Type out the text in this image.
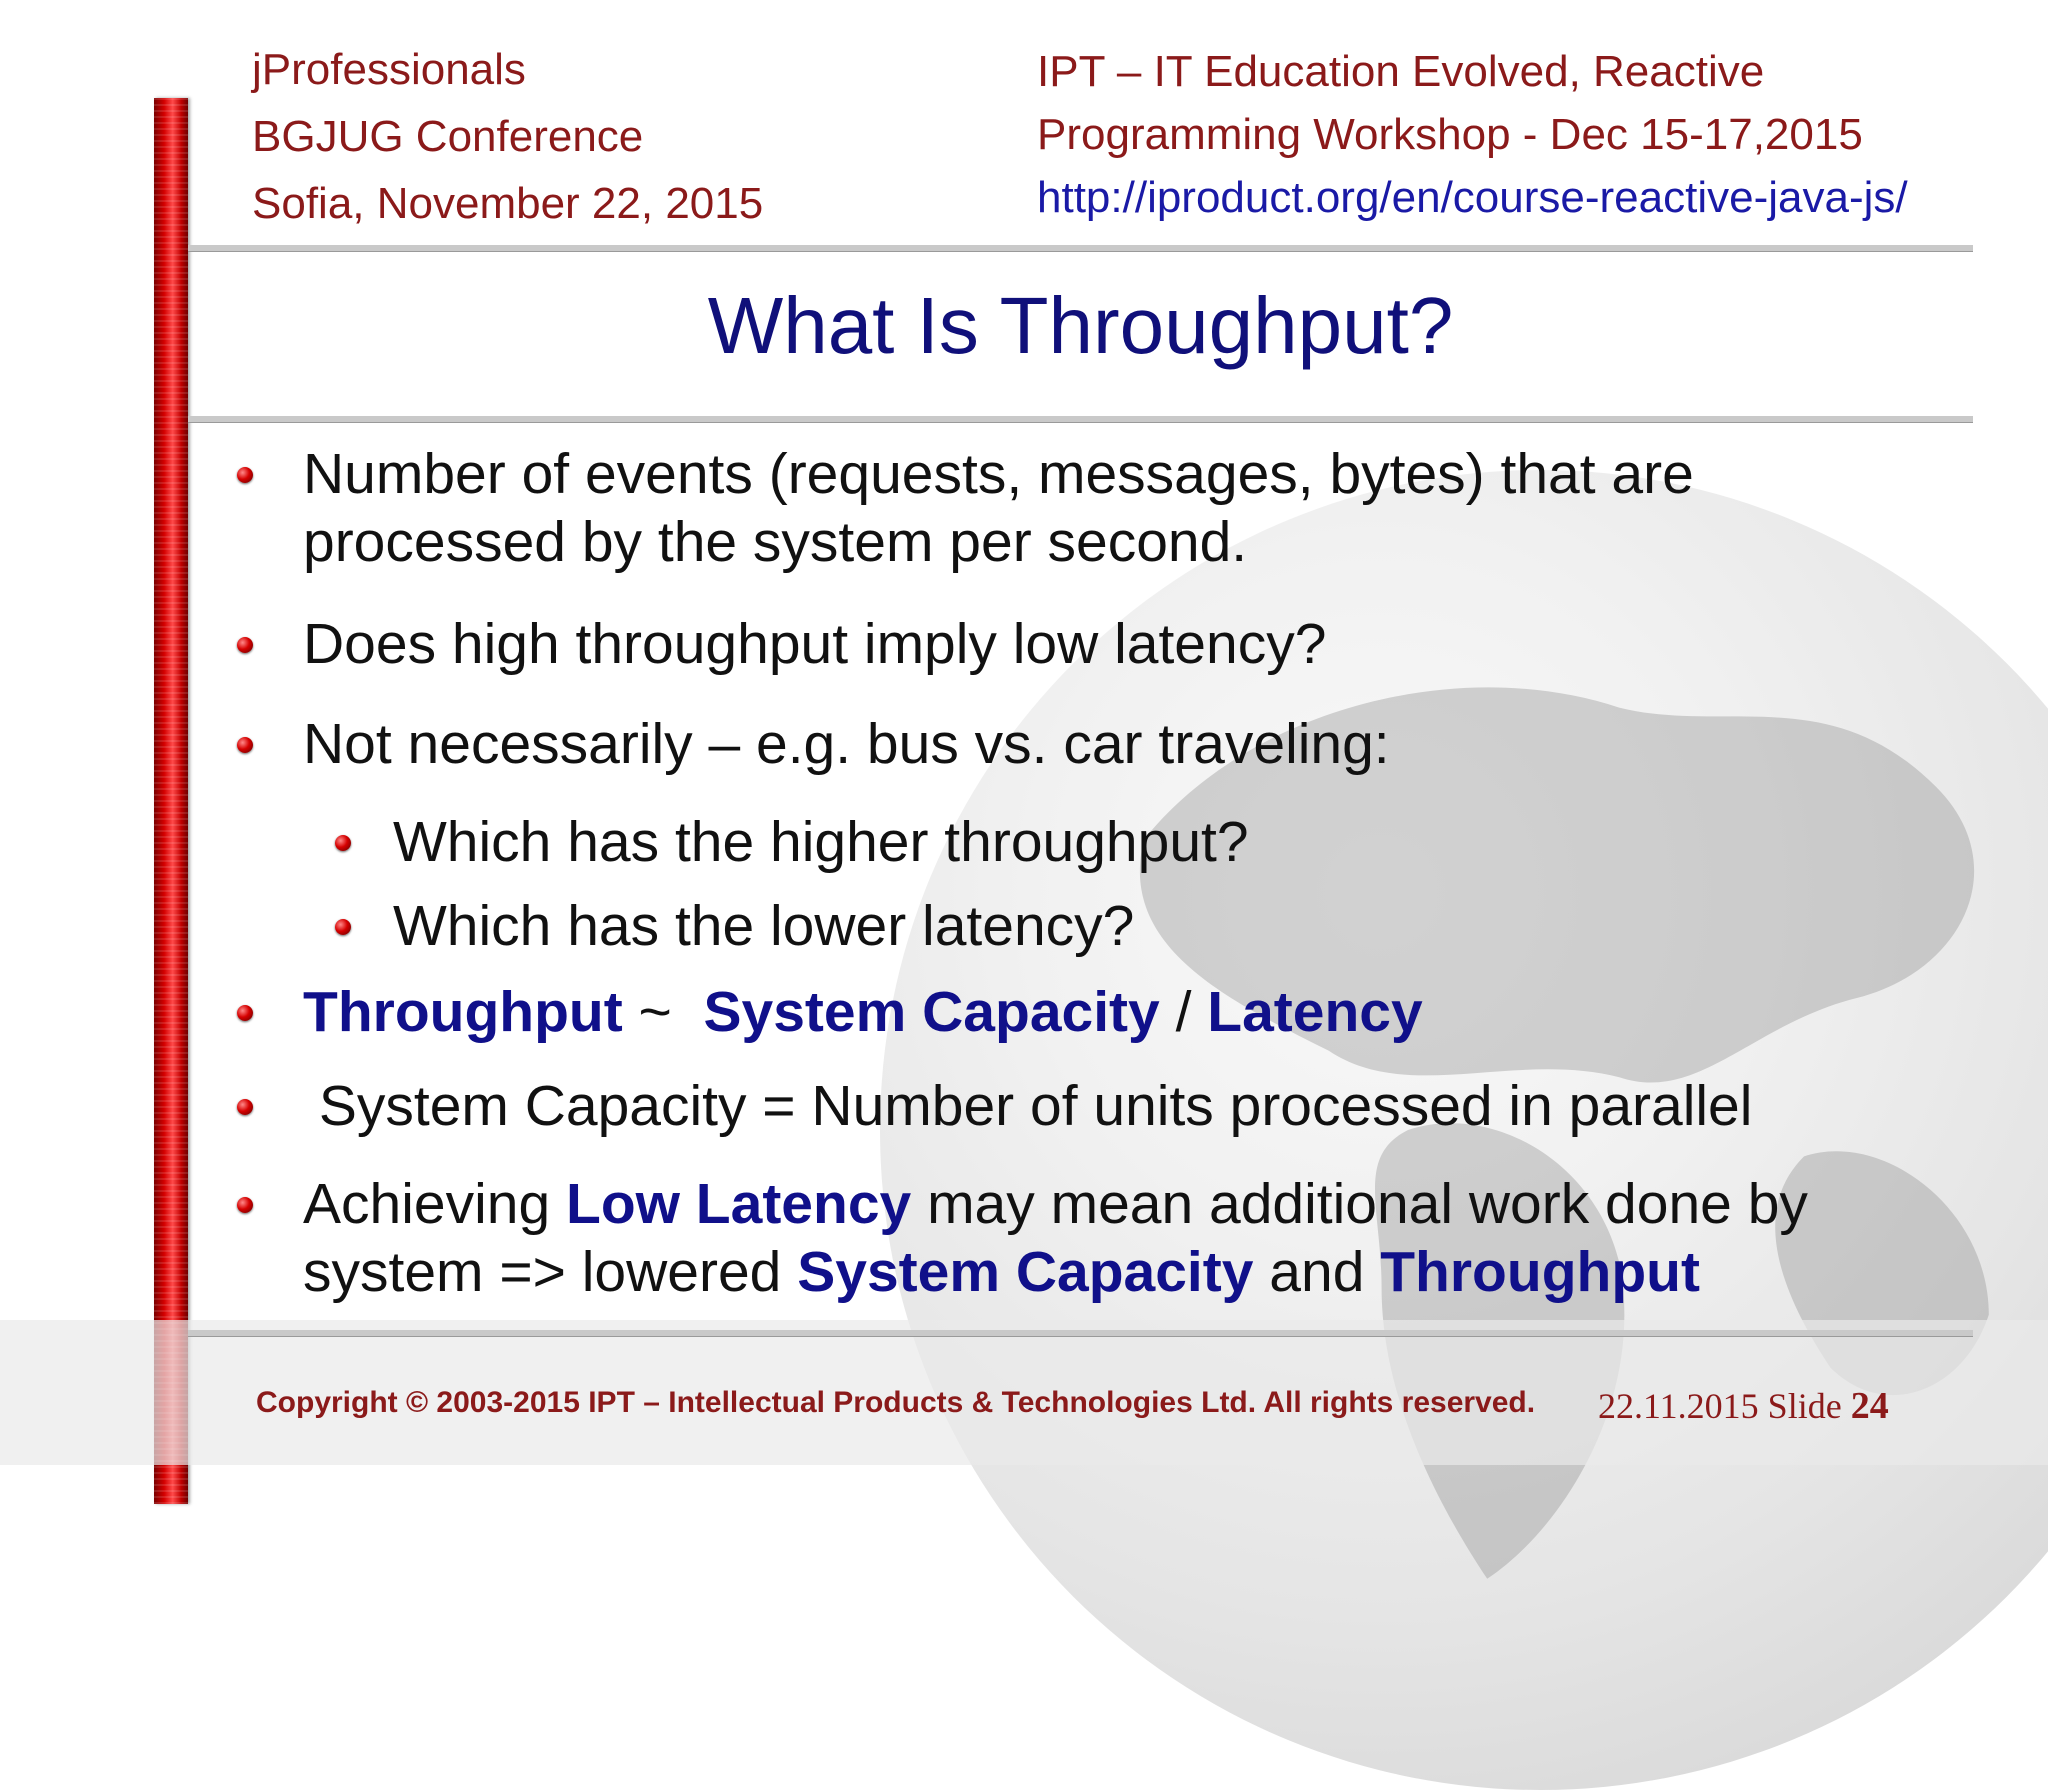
jProfessionals
BGJUG Conference
Sofia, November 22, 2015
IPT – IT Education Evolved, Reactive
Programming Workshop - Dec 15-17,2015
http://iproduct.org/en/course-reactive-java-js/
What Is Throughput?
Number of events (requests, messages, bytes) that are
processed by the system per second.
Does high throughput imply low latency?
Not necessarily – e.g. bus vs. car traveling:
Which has the higher throughput?
Which has the lower latency?
Throughput ~  System Capacity / Latency
System Capacity = Number of units processed in parallel
Achieving Low Latency may mean additional work done by
system => lowered System Capacity and Throughput
Copyright © 2003-2015 IPT – Intellectual Products & Technologies Ltd. All rights reserved. 22.11.2015 Slide 24
